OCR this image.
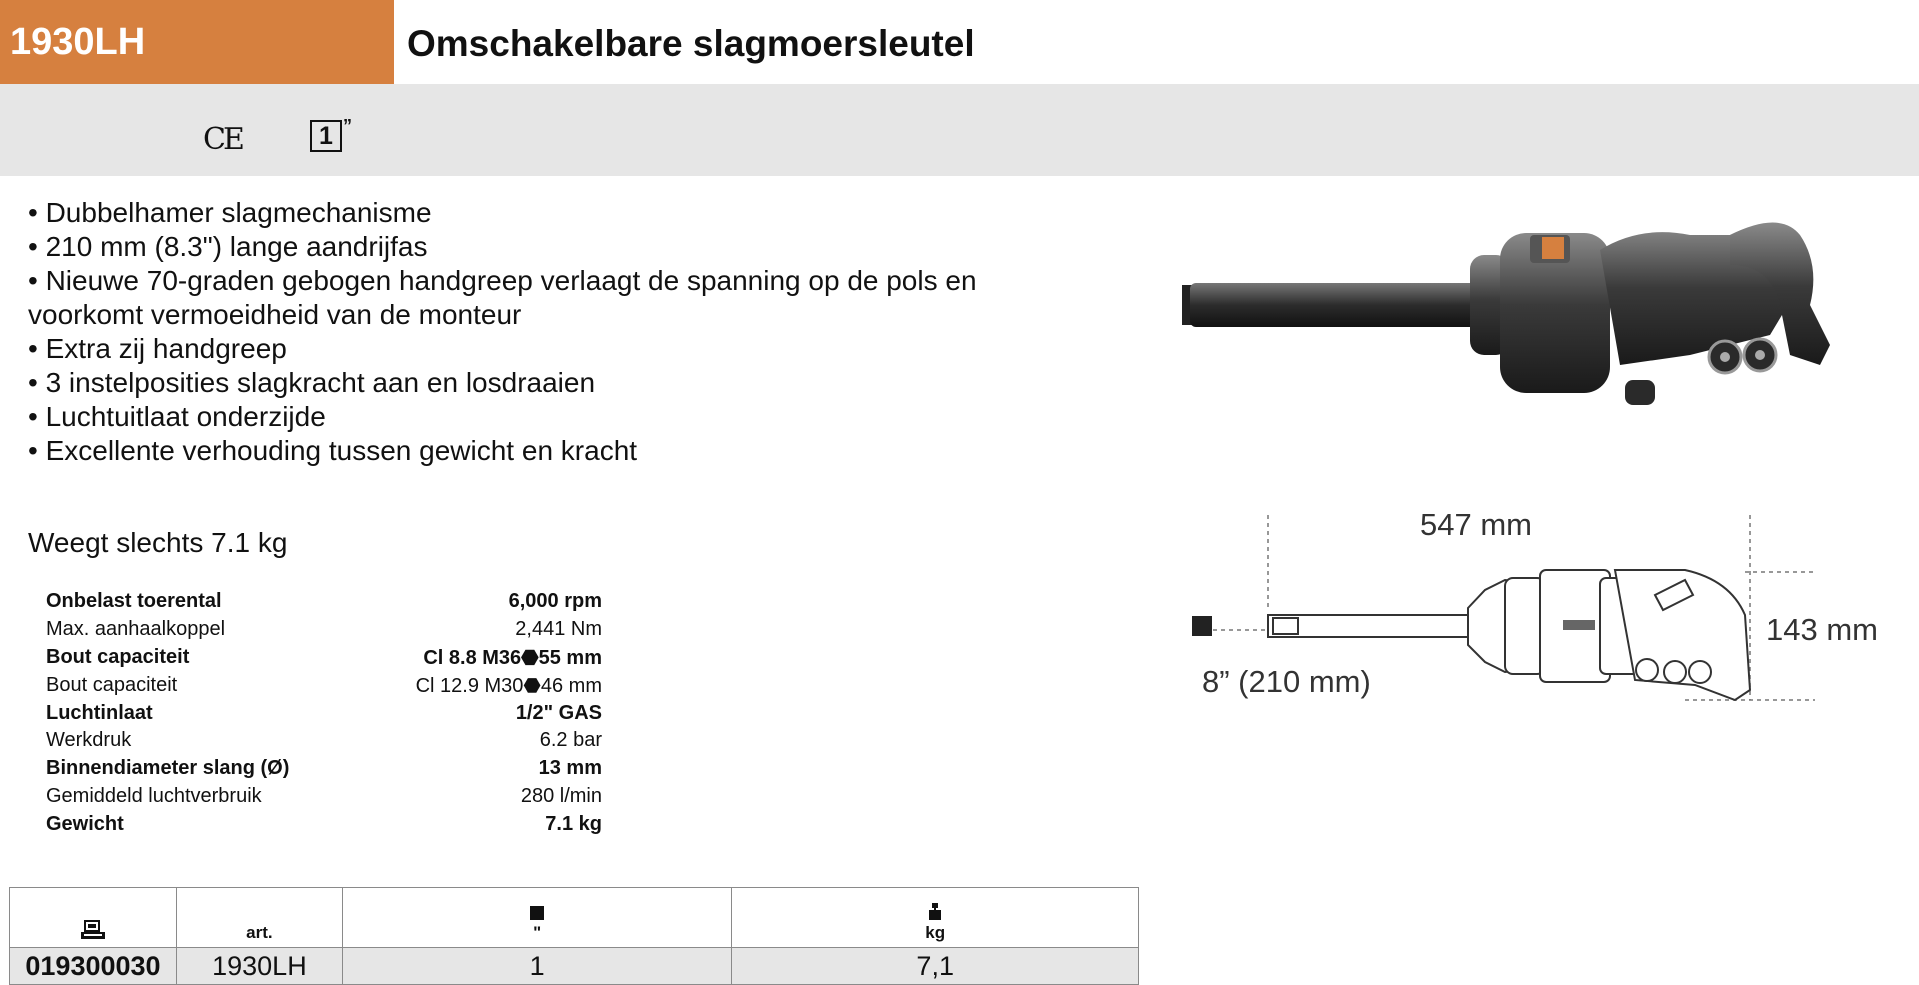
1930LH	Omschakelbare slagmoersleutel
CE	1 ”
• Dubbelhamer slagmechanisme
• 210 mm (8.3") lange aandrijfas
• Nieuwe 70-graden gebogen handgreep verlaagt de spanning op de pols en voorkomt vermoeidheid van de monteur
• Extra zij handgreep
• 3 instelposities slagkracht aan en losdraaien
• Luchtuitlaat onderzijde
• Excellente verhouding tussen gewicht en kracht
Weegt slechts 7.1 kg
Onbelast toerental	6,000 rpm
Max. aanhaalkoppel	2,441 Nm
Bout capaciteit	Cl 8.8 M36⬣55 mm
Bout capaciteit	Cl 12.9 M30⬣46 mm
Luchtinlaat	1/2" GAS
Werkdruk	6.2 bar
Binnendiameter slang (Ø)	13 mm
Gemiddeld luchtverbruik	280 l/min
Gewicht	7.1 kg
	art.	"	kg
019300030	1930LH	1	7,1
547 mm
143 mm
8” (210 mm)
